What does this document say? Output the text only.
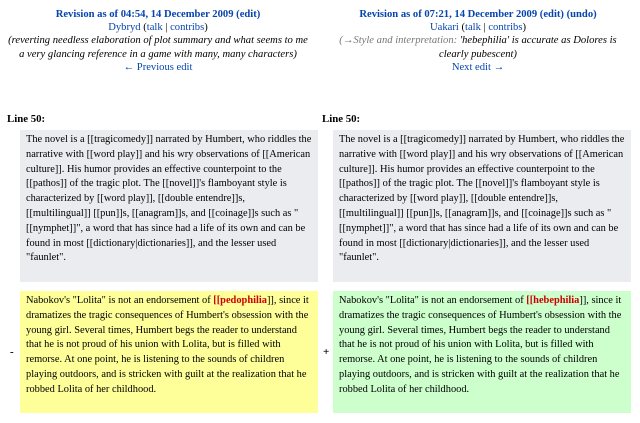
Revision as of 04:54, 14 December 2009 (edit)
Dybryd (talk | contribs)
(reverting needless elaboration of plot summary and what seems to me a very glancing reference in a game with many, many characters)
← Previous edit
Revision as of 07:21, 14 December 2009 (edit) (undo)
Uakari (talk | contribs)
(→Style and interpretation: 'hebephilia' is accurate as Dolores is clearly pubescent)
Next edit →
Line 50:	Line 50:
The novel is a [[tragicomedy]] narrated by Humbert, who riddles the narrative with [[word play]] and his wry observations of [[American culture]]. His humor provides an effective counterpoint to the [[pathos]] of the tragic plot. The [[novel]]'s flamboyant style is characterized by [[word play]], [[double entendre]]s, [[multilingual]] [[pun]]s, [[anagram]]s, and [[coinage]]s such as "[[nymphet]]", a word that has since had a life of its own and can be found in most [[dictionary|dictionaries]], and the lesser used "faunlet".
The novel is a [[tragicomedy]] narrated by Humbert, who riddles the narrative with [[word play]] and his wry observations of [[American culture]]. His humor provides an effective counterpoint to the [[pathos]] of the tragic plot. The [[novel]]'s flamboyant style is characterized by [[word play]], [[double entendre]]s, [[multilingual]] [[pun]]s, [[anagram]]s, and [[coinage]]s such as "[[nymphet]]", a word that has since had a life of its own and can be found in most [[dictionary|dictionaries]], and the lesser used "faunlet".
-	+
Nabokov's "Lolita" is not an endorsement of [[pedophilia]], since it dramatizes the tragic consequences of Humbert's obsession with the young girl. Several times, Humbert begs the reader to understand that he is not proud of his union with Lolita, but is filled with remorse. At one point, he is listening to the sounds of children playing outdoors, and is stricken with guilt at the realization that he robbed Lolita of her childhood.
Nabokov's "Lolita" is not an endorsement of [[hebephilia]], since it dramatizes the tragic consequences of Humbert's obsession with the young girl. Several times, Humbert begs the reader to understand that he is not proud of his union with Lolita, but is filled with remorse. At one point, he is listening to the sounds of children playing outdoors, and is stricken with guilt at the realization that he robbed Lolita of her childhood.
